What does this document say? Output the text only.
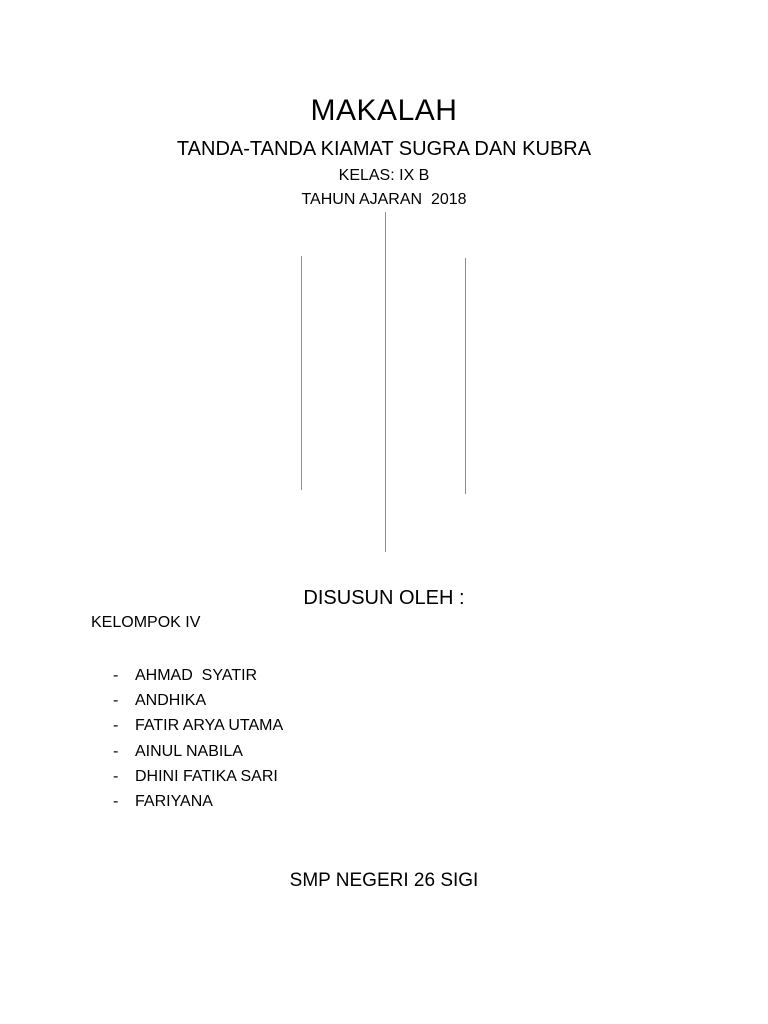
MAKALAH
TANDA-TANDA KIAMAT SUGRA DAN KUBRA
KELAS: IX B
TAHUN AJARAN  2018
DISUSUN OLEH :
KELOMPOK IV
- AHMAD  SYATIR
- ANDHIKA
- FATIR ARYA UTAMA
- AINUL NABILA
- DHINI FATIKA SARI
- FARIYANA
SMP NEGERI 26 SIGI
